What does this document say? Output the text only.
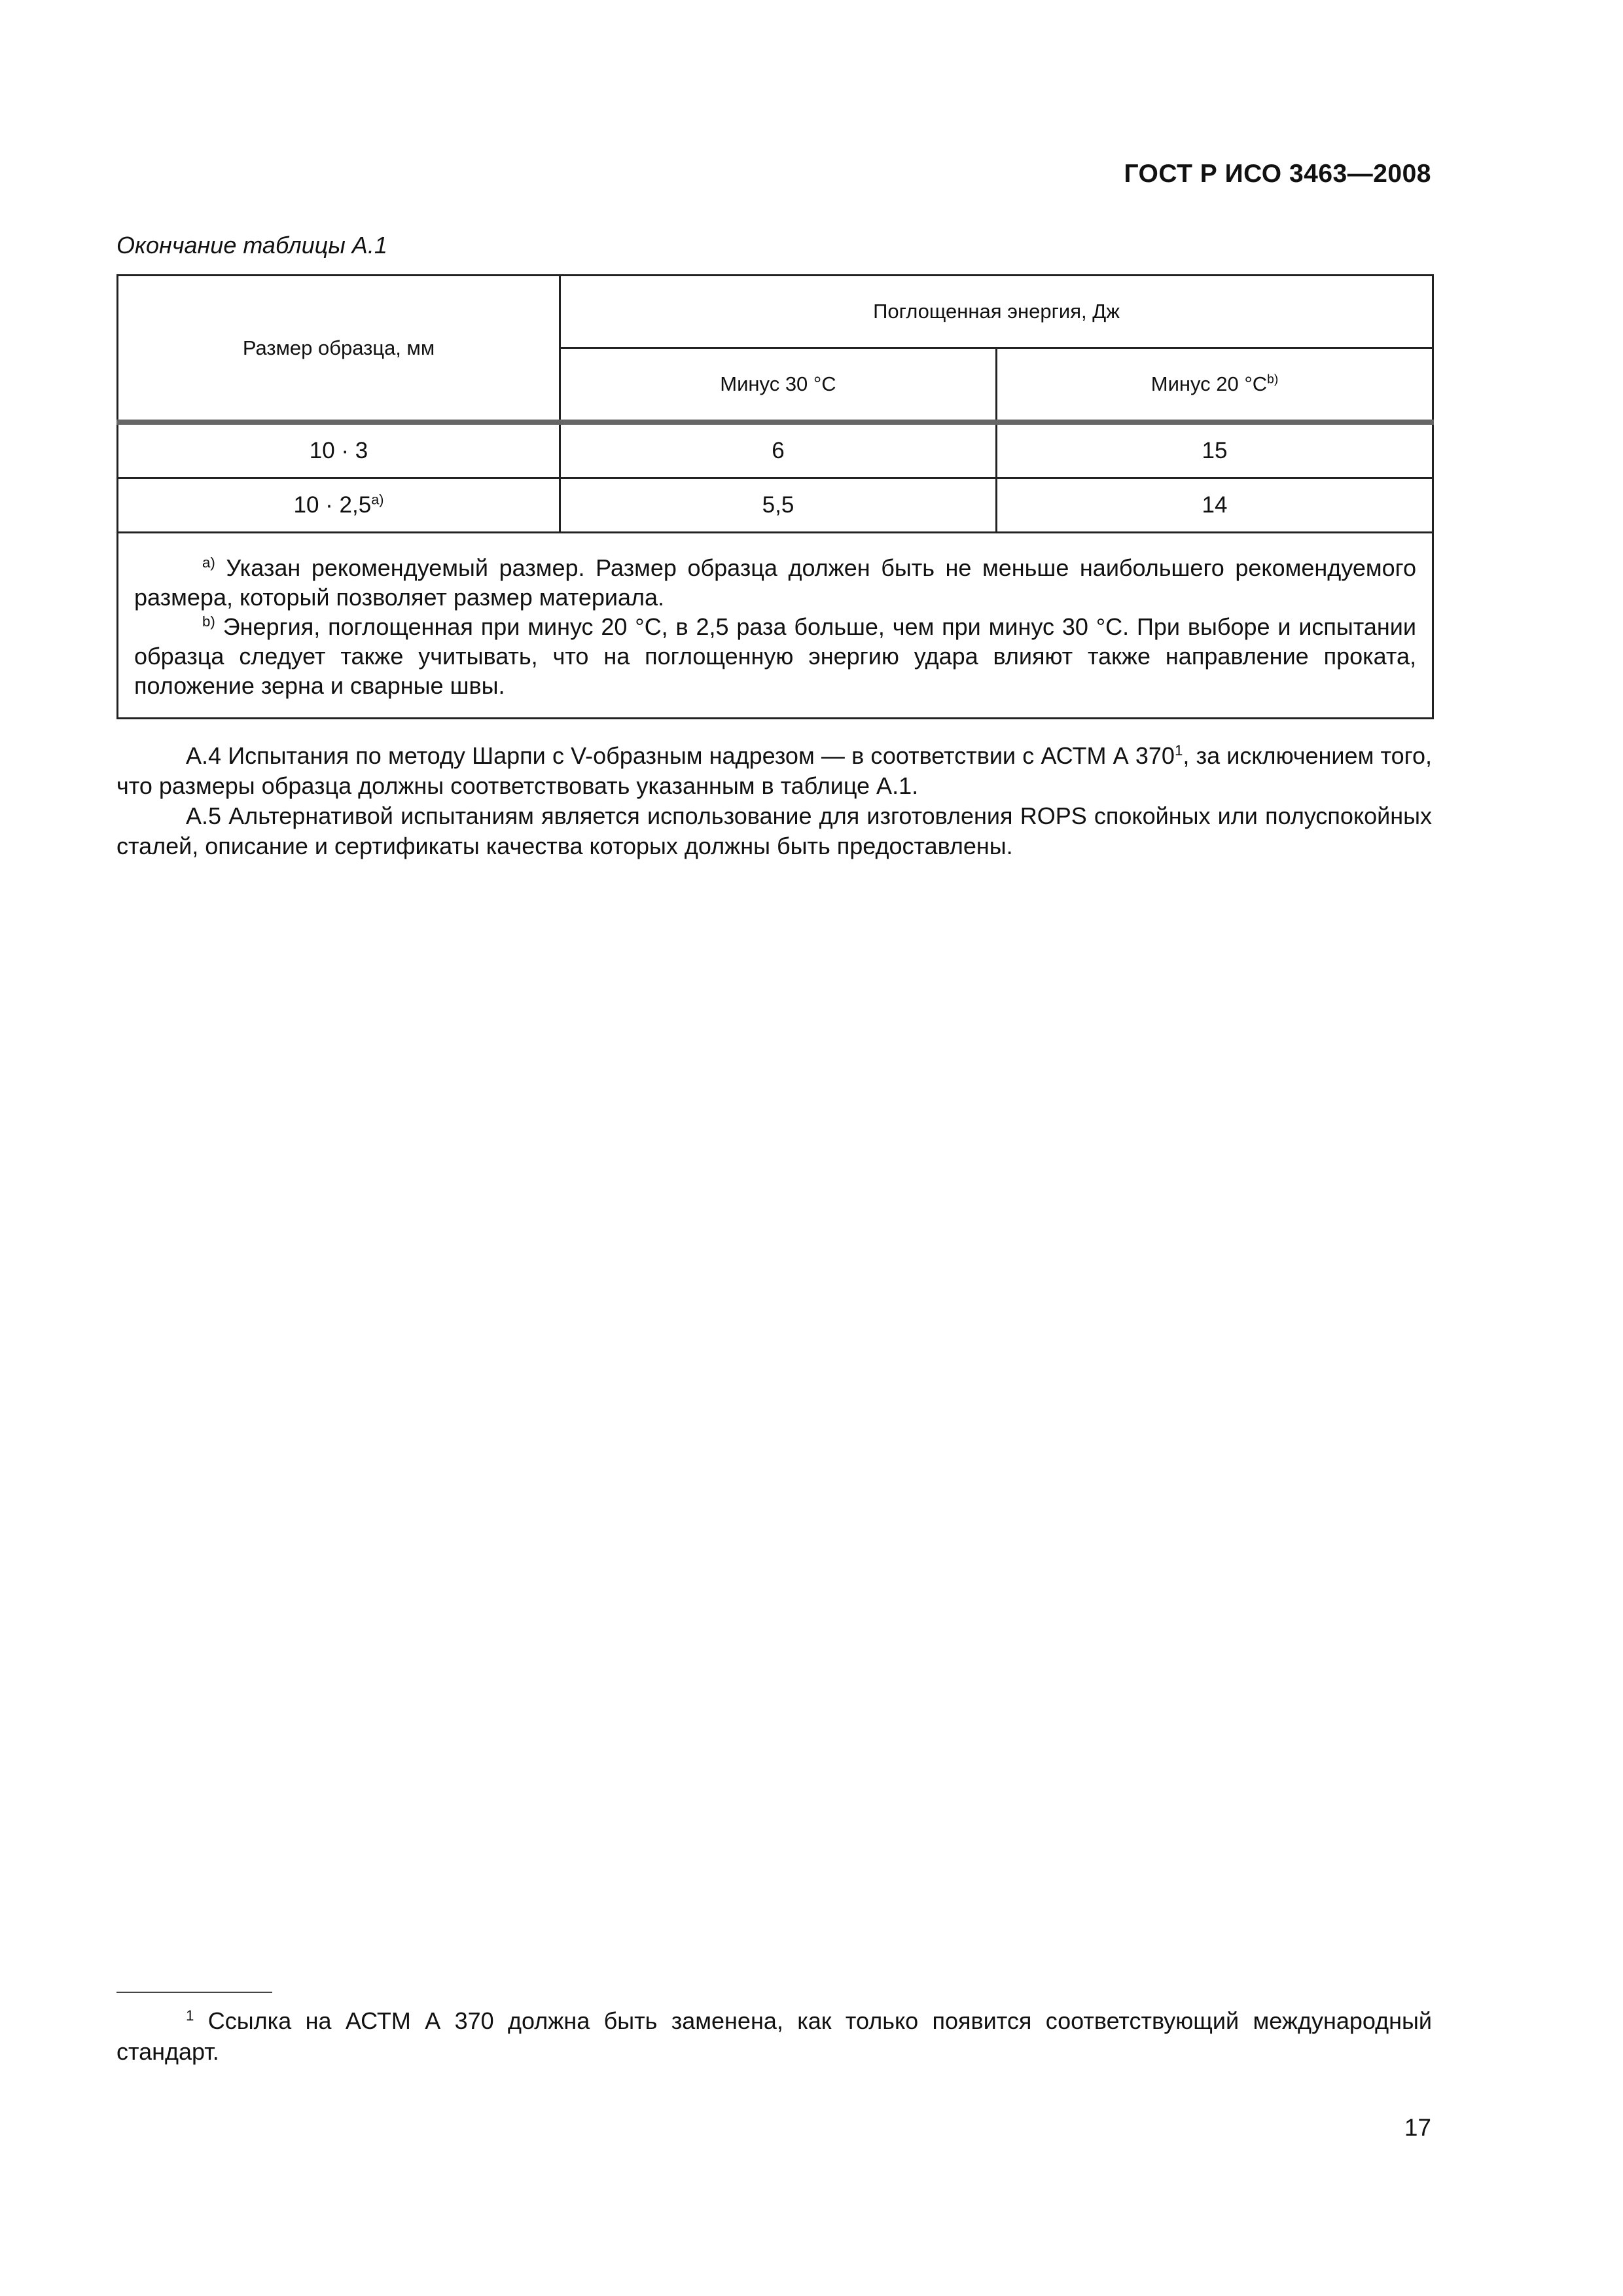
ГОСТ Р ИСО 3463—2008
Окончание таблицы А.1
Размер образца, мм	Поглощенная энергия, Дж	
	Минус 30 °С	Минус 20 $^\circ С^{b)}$
10 · 3	6	15
$10 \cdot 2,5^{а)}$	5,5	14

$^{а)}$ Указан рекомендуемый размер. Размер образца должен быть не меньше наибольшего рекомендуемого размера, который позволяет размер материала.
$^{b)}$ Энергия, поглощенная при минус 20 °С, в 2,5 раза больше, чем при минус 30 °С. При выборе и испытании образца следует также учитывать, что на поглощенную энергию удара влияют также направление проката, положение зерна и сварные швы.		
А.4 Испытания по методу Шарпи с V-образным надрезом — в соответствии с АСТМ А $370^1$, за исключением того, что размеры образца должны соответствовать указанным в таблице А.1.
А.5 Альтернативой испытаниям является использование для изготовления ROPS спокойных или полуспокойных сталей, описание и сертификаты качества которых должны быть предоставлены.
$^1$ Ссылка на АСТМ А 370 должна быть заменена, как только появится соответствующий международный стандарт.
17
